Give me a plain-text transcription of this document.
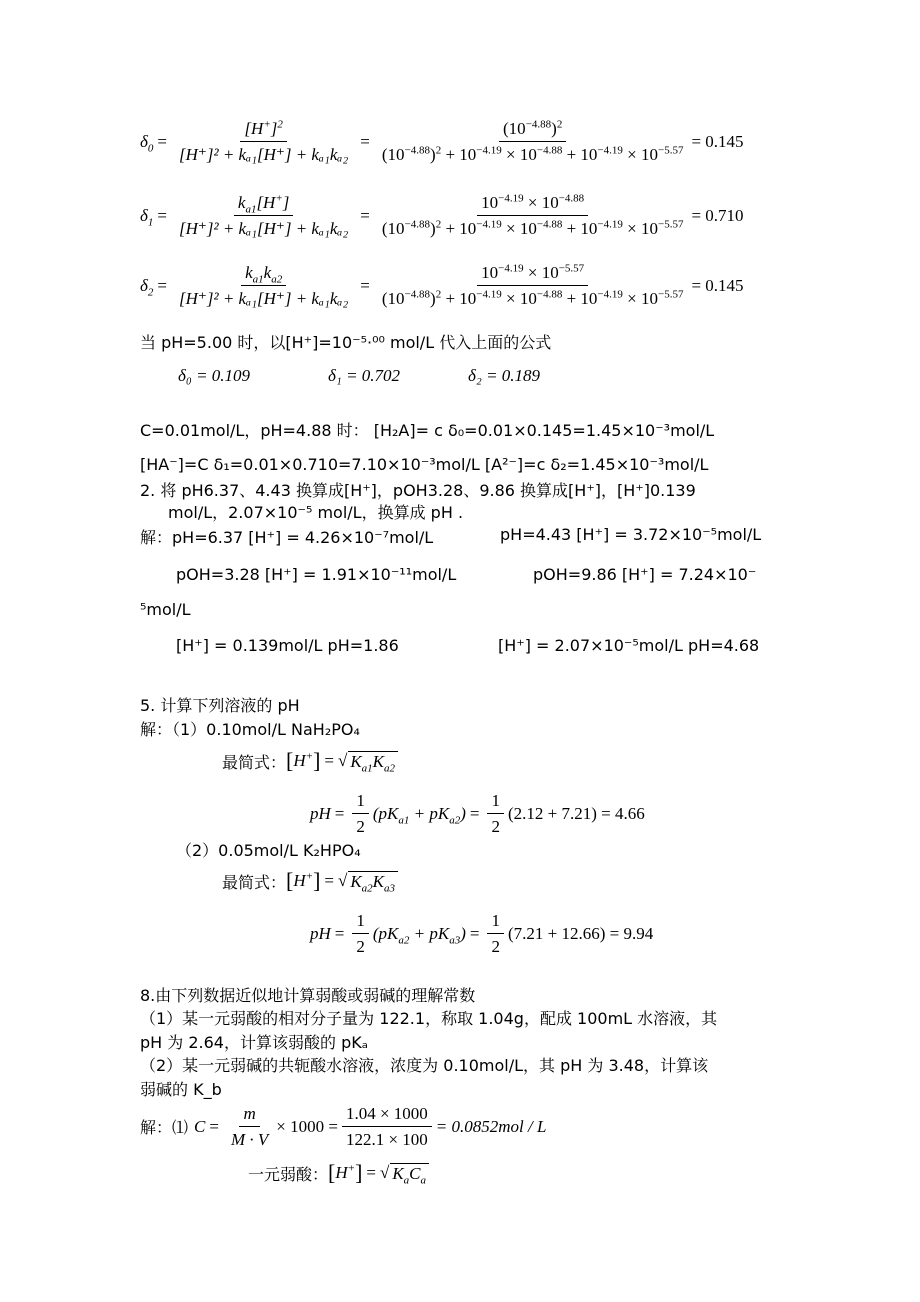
$\delta_0 = \frac{[H^+]^2}{\text{[H⁺]² + kₐ₁[H⁺] + kₐ₁kₐ₂}} = \frac{(10^{-4.88})^2}{(10^{-4.88})^2 + 10^{-4.19} \times 10^{-4.88} + 10^{-4.19} \times 10^{-5.57}} = 0.145$
$\delta_1 = \frac{k_{a1}[H^+]}{\text{[H⁺]² + kₐ₁[H⁺] + kₐ₁kₐ₂}} = \frac{10^{-4.19} \times 10^{-4.88}}{(10^{-4.88})^2 + 10^{-4.19} \times 10^{-4.88} + 10^{-4.19} \times 10^{-5.57}} = 0.710$
$\delta_2 = \frac{k_{a1}k_{a2}}{\text{[H⁺]² + kₐ₁[H⁺] + kₐ₁kₐ₂}} = \frac{10^{-4.19} \times 10^{-5.57}}{(10^{-4.88})^2 + 10^{-4.19} \times 10^{-4.88} + 10^{-4.19} \times 10^{-5.57}} = 0.145$
当 pH=5.00 时，以[H⁺]=10⁻⁵·⁰⁰ mol/L 代入上面的公式
δ₀ = 0.109	δ₁ = 0.702	δ₂ = 0.189
C=0.01mol/L，pH=4.88 时： [H₂A]= c δ₀=0.01×0.145=1.45×10⁻³mol/L
[HA⁻]=C δ₁=0.01×0.710=7.10×10⁻³mol/L [A²⁻]=c δ₂=1.45×10⁻³mol/L
2. 将 pH6.37、4.43 换算成[H⁺]，pOH3.28、9.86 换算成[H⁺]，[H⁺]0.139
mol/L，2.07×10⁻⁵ mol/L，换算成 pH .
解：pH=6.37 [H⁺] = 4.26×10⁻⁷mol/L	pH=4.43 [H⁺] = 3.72×10⁻⁵mol/L
pOH=3.28 [H⁺] = 1.91×10⁻¹¹mol/L	pOH=9.86 [H⁺] = 7.24×10⁻
⁵mol/L
[H⁺] = 0.139mol/L pH=1.86	[H⁺] = 2.07×10⁻⁵mol/L pH=4.68
5. 计算下列溶液的 pH
解：（1）0.10mol/L NaH₂PO₄
最简式： [ H+ ] = √ $K_{a1}K_{a2}$
pH = $\frac{1}{2} (pK_{a1} + pK_{a2}) = \frac{1}{2} (2.12 + 7.21) = 4.66$
（2）0.05mol/L K₂HPO₄
最简式： [ H+ ] = √ $K_{a2}K_{a3}$
pH = $\frac{1}{2} (pK_{a2} + pK_{a3}) = \frac{1}{2} (7.21 + 12.66) = 9.94$
8.由下列数据近似地计算弱酸或弱碱的理解常数
（1）某一元弱酸的相对分子量为 122.1，称取 1.04g，配成 100mL 水溶液，其
pH 为 2.64，计算该弱酸的 pKₐ
（2）某一元弱碱的共轭酸水溶液，浓度为 0.10mol/L，其 pH 为 3.48，计算该
弱碱的 K_b
解：⑴ $C = \frac{m}{M \cdot V} \times 1000 = \frac{1.04 \times 1000}{122.1 \times 100} = 0.0852mol / L$
一元弱酸： [ H+ ] = √ $K_aC_a$
